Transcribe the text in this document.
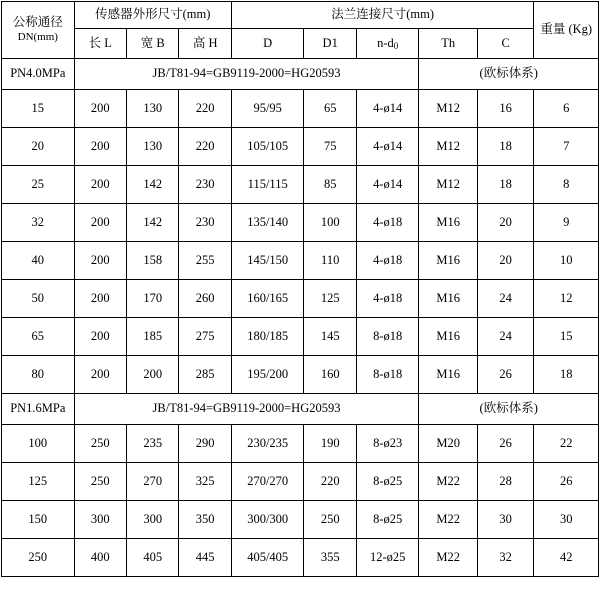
公称通径
DN(mm)	传感器外形尺寸(mm)			法兰连接尺寸(mm)					重量 (Kg)
	长 L	宽 B	高 H	D	D1	$n-d_0$	Th	C	
PN4.0MPa	JB/T81-94=GB9119-2000=HG20593						(欧标体系)		
15	200	130	220	95/95	65	4-ø14	M12	16	6
20	200	130	220	105/105	75	4-ø14	M12	18	7
25	200	142	230	115/115	85	4-ø14	M12	18	8
32	200	142	230	135/140	100	4-ø18	M16	20	9
40	200	158	255	145/150	110	4-ø18	M16	20	10
50	200	170	260	160/165	125	4-ø18	M16	24	12
65	200	185	275	180/185	145	8-ø18	M16	24	15
80	200	200	285	195/200	160	8-ø18	M16	26	18
PN1.6MPa	JB/T81-94=GB9119-2000=HG20593						(欧标体系)		
100	250	235	290	230/235	190	8-ø23	M20	26	22
125	250	270	325	270/270	220	8-ø25	M22	28	26
150	300	300	350	300/300	250	8-ø25	M22	30	30
250	400	405	445	405/405	355	12-ø25	M22	32	42
